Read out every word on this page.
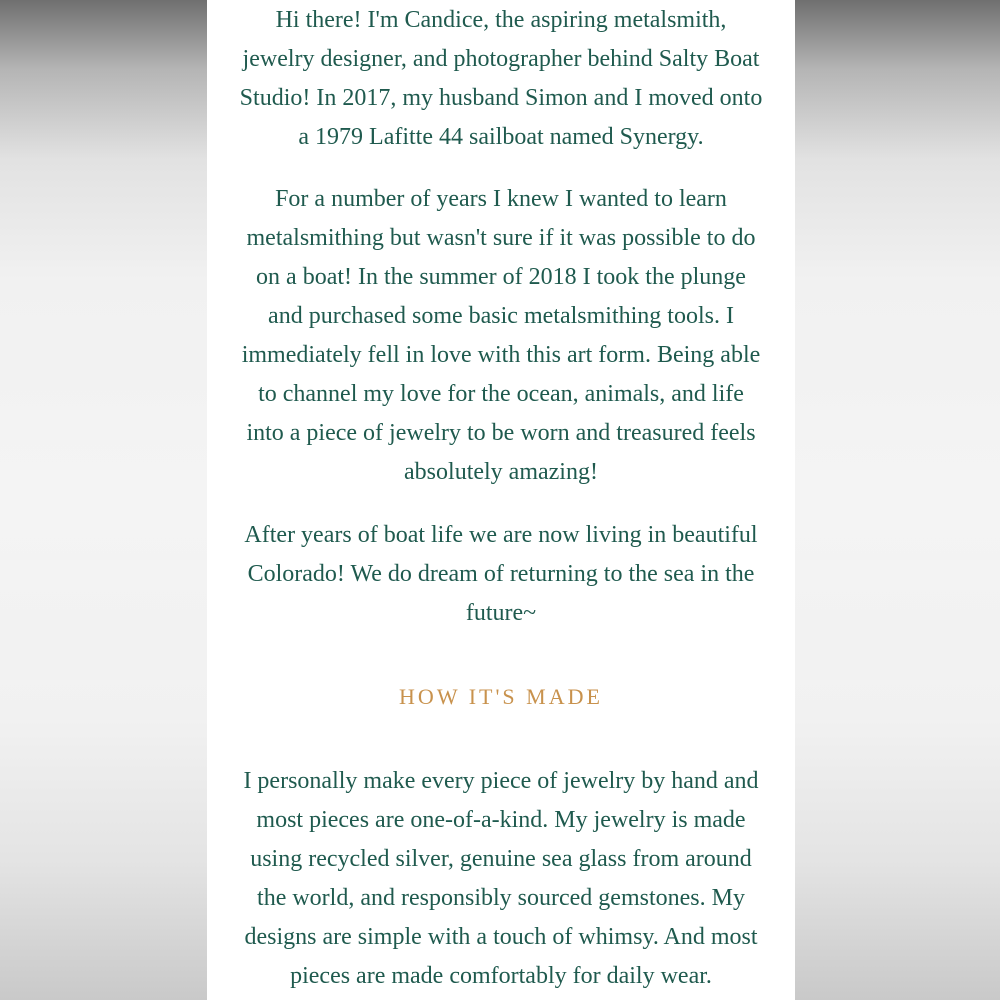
Hi there! I'm Candice, the aspiring metalsmith,
jewelry designer, and photographer behind Salty Boat
Studio! In 2017, my husband Simon and I moved onto
a 1979 Lafitte 44 sailboat named Synergy.

For a number of years I knew I wanted to learn
metalsmithing but wasn't sure if it was possible to do
on a boat! In the summer of 2018 I took the plunge
and purchased some basic metalsmithing tools. I
immediately fell in love with this art form. Being able
to channel my love for the ocean, animals, and life
into a piece of jewelry to be worn and treasured feels
absolutely amazing!

After years of boat life we are now living in beautiful
Colorado! We do dream of returning to the sea in the
future~

HOW IT'S MADE

I personally make every piece of jewelry by hand and
most pieces are one-of-a-kind. My jewelry is made
using recycled silver, genuine sea glass from around
the world, and responsibly sourced gemstones. My
designs are simple with a touch of whimsy. And most
pieces are made comfortably for daily wear.
